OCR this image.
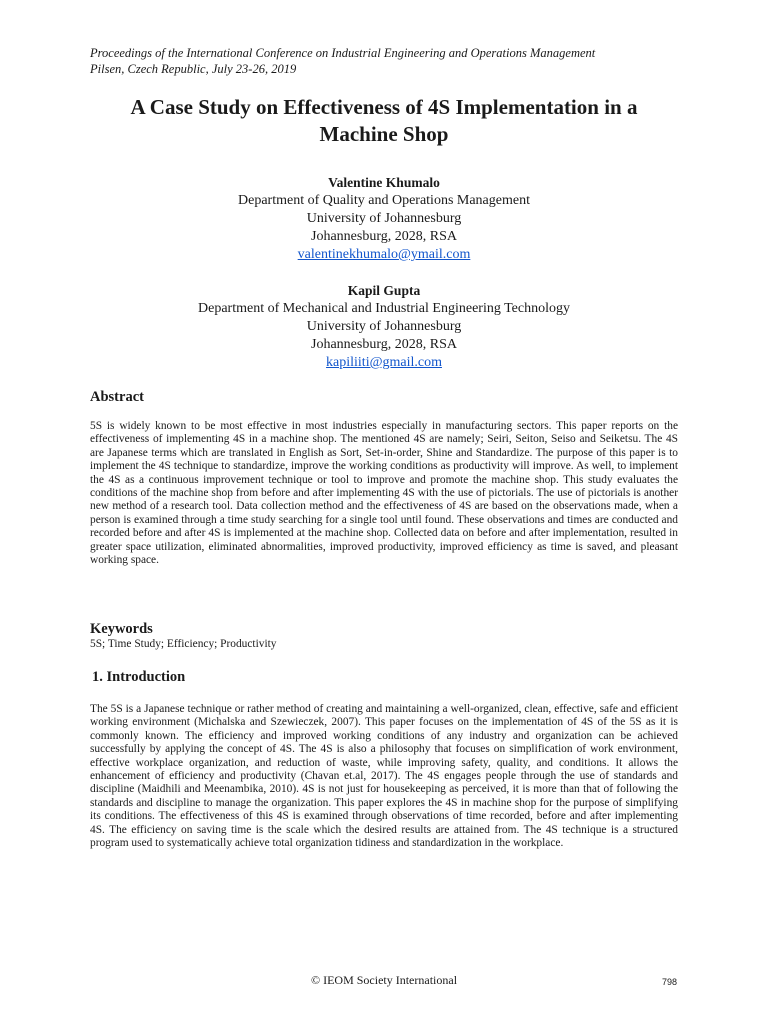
Proceedings of the International Conference on Industrial Engineering and Operations Management
Pilsen, Czech Republic, July 23-26, 2019
A Case Study on Effectiveness of 4S Implementation in a
Machine Shop
Valentine Khumalo
Department of Quality and Operations Management
University of Johannesburg
Johannesburg, 2028, RSA
valentinekhumalo@ymail.com
Kapil Gupta
Department of Mechanical and Industrial Engineering Technology
University of Johannesburg
Johannesburg, 2028, RSA
kapiliiti@gmail.com
Abstract
5S is widely known to be most effective in most industries especially in manufacturing sectors. This paper reports on the effectiveness of implementing 4S in a machine shop. The mentioned 4S are namely; Seiri, Seiton, Seiso and Seiketsu. The 4S are Japanese terms which are translated in English as Sort, Set-in-order, Shine and Standardize. The purpose of this paper is to implement the 4S technique to standardize, improve the working conditions as productivity will improve. As well, to implement the 4S as a continuous improvement technique or tool to improve and promote the machine shop. This study evaluates the conditions of the machine shop from before and after implementing 4S with the use of pictorials. The use of pictorials is another new method of a research tool. Data collection method and the effectiveness of 4S are based on the observations made, when a person is examined through a time study searching for a single tool until found. These observations and times are conducted and recorded before and after 4S is implemented at the machine shop. Collected data on before and after implementation, resulted in greater space utilization, eliminated abnormalities, improved productivity, improved efficiency as time is saved, and pleasant working space.
Keywords
5S; Time Study; Efficiency; Productivity
1. Introduction
The 5S is a Japanese technique or rather method of creating and maintaining a well-organized, clean, effective, safe and efficient working environment (Michalska and Szewieczek, 2007). This paper focuses on the implementation of 4S of the 5S as it is commonly known. The efficiency and improved working conditions of any industry and organization can be achieved successfully by applying the concept of 4S. The 4S is also a philosophy that focuses on simplification of work environment, effective workplace organization, and reduction of waste, while improving safety, quality, and conditions. It allows the enhancement of efficiency and productivity (Chavan et.al, 2017). The 4S engages people through the use of standards and discipline (Maidhili and Meenambika, 2010). 4S is not just for housekeeping as perceived, it is more than that of following the standards and discipline to manage the organization. This paper explores the 4S in machine shop for the purpose of simplifying its conditions. The effectiveness of this 4S is examined through observations of time recorded, before and after implementing 4S. The efficiency on saving time is the scale which the desired results are attained from. The 4S technique is a structured program used to systematically achieve total organization tidiness and standardization in the workplace.
© IEOM Society International	798
